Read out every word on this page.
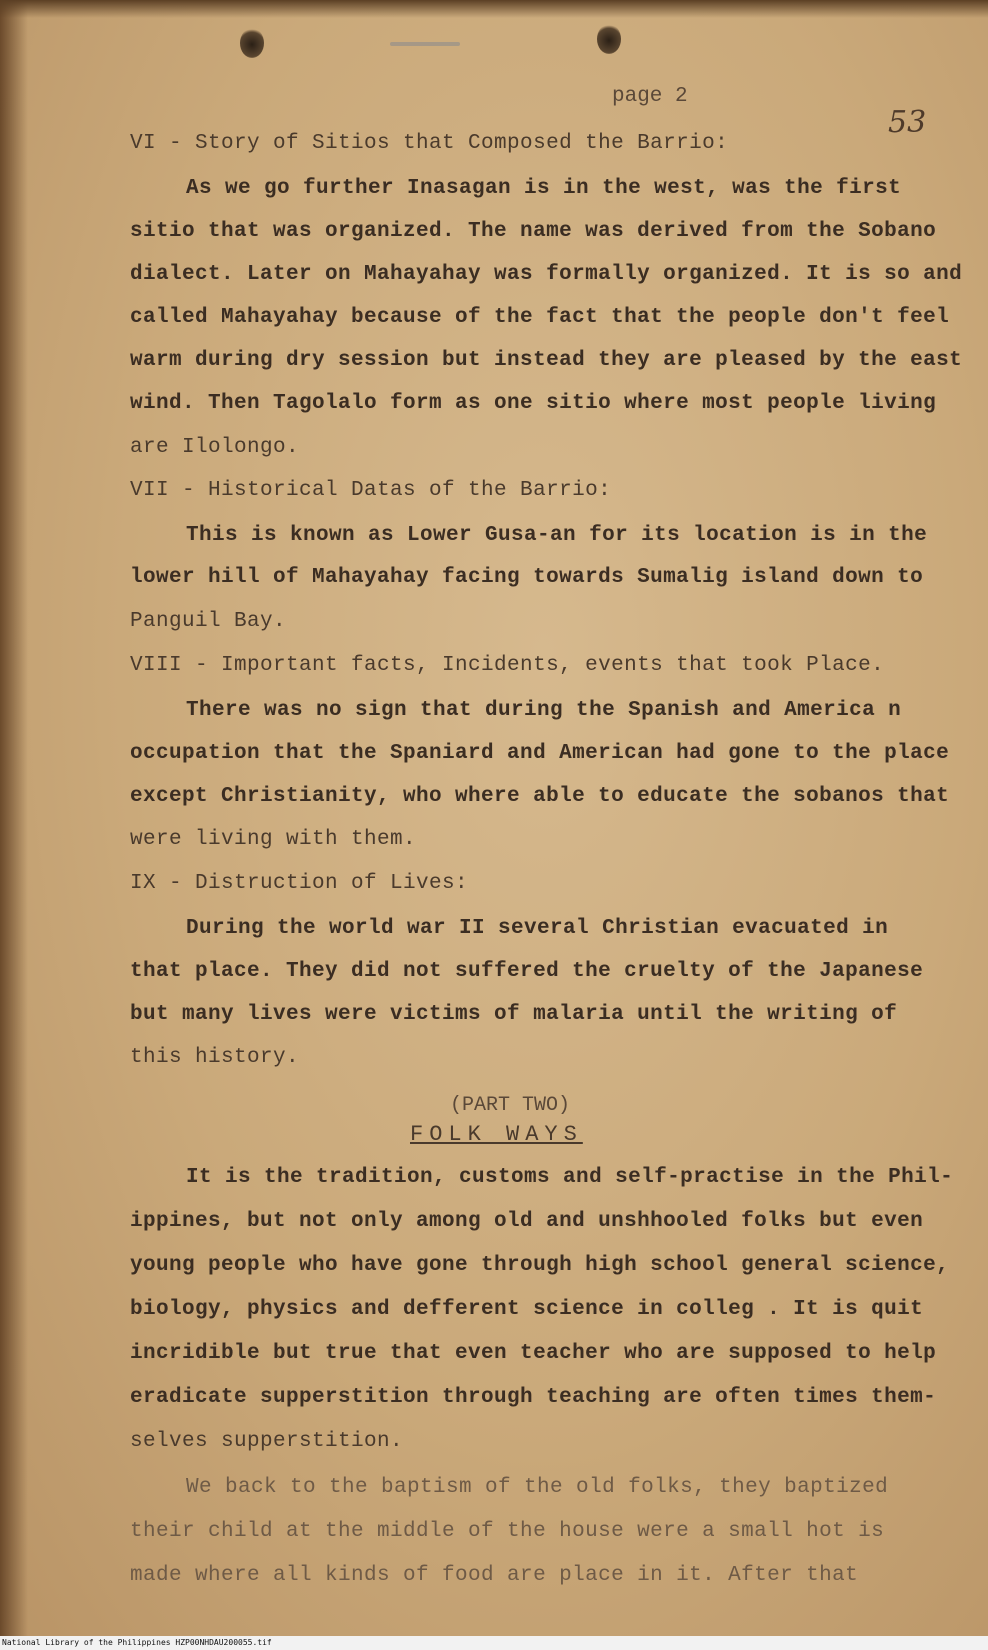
page 2
53
VI - Story of Sitios that Composed the Barrio:
As we go further Inasagan is in the west, was the first
sitio that was organized. The name was derived from the Sobano
dialect. Later on Mahayahay was formally organized. It is so and
called Mahayahay because of the fact that the people don't feel
warm during dry session but instead they are pleased by the east
wind. Then Tagolalo form as one sitio where most people living
are Ilolongo.
VII - Historical Datas of the Barrio:
This is known as Lower Gusa-an for its location is in the
lower hill of Mahayahay facing towards Sumalig island down to
Panguil Bay.
VIII - Important facts, Incidents, events that took Place.
There was no sign that during the Spanish and America n
occupation that the Spaniard and American had gone to the place
except Christianity, who where able to educate the sobanos that
were living with them.
IX - Distruction of Lives:
During the world war II several Christian evacuated in
that place. They did not suffered the cruelty of the Japanese
but many lives were victims of malaria until the writing of
this history.
(PART TWO)
FOLK WAYS
It is the tradition, customs and self-practise in the Phil-
ippines, but not only among old and unshhooled folks but even
young people who have gone through high school general science,
biology, physics and defferent science in colleg . It is quit
incridible but true that even teacher who are supposed to help
eradicate supperstition through teaching are often times them-
selves supperstition.
We back to the baptism of the old folks, they baptized
their child at the middle of the house were a small hot is
made where all kinds of food are place in it. After that
National Library of the Philippines HZP00NHDAU200055.tif
